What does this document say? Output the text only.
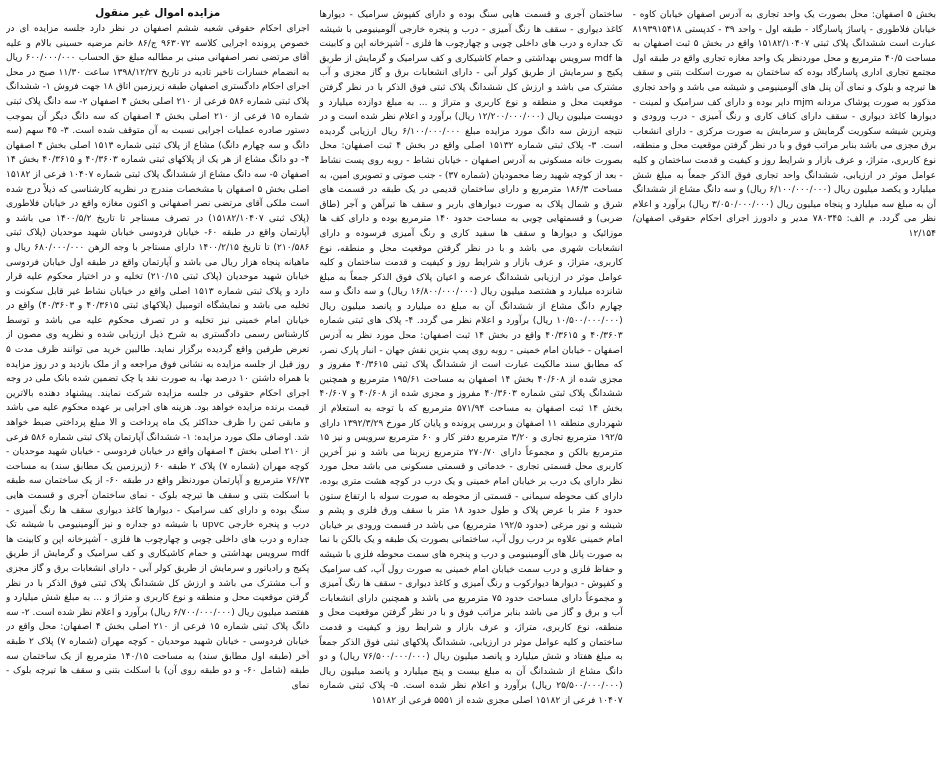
بخش ۵ اصفهان: محل بصورت یک واحد تجاری به آدرس اصفهان خیابان کاوه - خیابان فلاطوری - پاساژ پاسارگاد - طبقه اول - واحد ۳۹ - کدپستی ۸۱۹۳۹۱۵۴۱۸ عبارت است ششدانگ پلاک ثبتی ۱۵۱۸۲/۱۰۴۰۷ واقع در بخش ۵ ثبت اصفهان به مساحت ۴۰/۵ مترمربع و محل موردنظر یک واحد مغازه تجاری واقع در طبقه اول مجتمع تجاری اداری پاسارگاد بوده که ساختمان به صورت اسکلت بتنی و سقف ها تیرچه و بلوک و نمای آن پنل های آلومینیومی و شیشه می باشد و واحد تجاری مذکور به صورت پوشاک مردانه mjm دایر بوده و دارای کف سرامیک و لمینت - دیوارها کاغذ دیواری - سقف دارای کناف کاری و رنگ آمیزی - درب ورودی و ویترین شیشه سکوریت گرمایش و سرمایش به صورت مرکزی - دارای انشعاب برق مجزی می باشد بنابر مراتب فوق و با در نظر گرفتن موقعیت محل و منطقه، نوع کاربری، متراژ، و عرف بازار و شرایط روز و کیفیت و قدمت ساختمان و کلیه عوامل موثر در ارزیابی، ششدانگ واحد تجاری فوق الذکر جمعاً به مبلغ شش میلیارد و یکصد میلیون ریال (۶/۱۰۰/۰۰۰/۰۰۰ ریال) و سه دانگ مشاع از ششدانگ آن به مبلغ سه میلیارد و پنجاه میلیون ریال (۳/۰۵۰/۰۰۰/۰۰۰ ریال) برآورد و اعلام نظر می گردد. م الف: ۷۸۰۳۴۵ مدیر و دادورز اجرای احکام حقوقی اصفهان/۱۲/۱۵۴

ساختمان آجری و قسمت هایی سنگ بوده و دارای کفپوش سرامیک - دیوارها کاغذ دیواری - سقف ها رنگ آمیزی - درب و پنجره خارجی آلومینیومی با شیشه تک جداره و درب های داخلی چوبی و چهارچوب ها فلزی - آشپزخانه اپن و کابینت ها mdf سرویس بهداشتی و حمام کاشیکاری و کف سرامیک و گرمایش از طریق پکیج و سرمایش از طریق کولر آبی - دارای انشعابات برق و گاز مجزی و آب مشترک می باشد و ارزش کل ششدانگ پلاک ثبتی فوق الذکر با در نظر گرفتن موقعیت محل و منطقه و نوع کاربری و متراژ و ... به مبلغ دوازده میلیارد و دویست میلیون ریال (۱۲/۲۰۰/۰۰۰/۰۰۰ ریال) برآورد و اعلام نظر شده است و در نتیجه ارزش سه دانگ مورد مزایده مبلغ ۶/۱۰۰/۰۰۰/۰۰۰ ریال ارزیابی گردیده است. ۳- پلاک ثبتی شماره ۱۵۱۳۲ اصلی واقع در بخش ۴ ثبت اصفهان: محل بصورت خانه مسکونی به آدرس اصفهان - خیابان نشاط - روبه روی پست نشاط - بعد از کوچه شهید رضا محمودیان (شماره ۳۷) - جنب صوتی و تصویری امین، به مساحت ۱۸۶/۳ مترمربع و دارای ساختمان قدیمی در یک طبقه در قسمت های شرق و شمال پلاک به صورت دیوارهای باربر و سقف ها تیرآهن و آجر (طاق ضربی) و قسمتهایی چوبی به مساحت حدود ۱۴۰ مترمربع بوده و دارای کف ها موزائیک و دیوارها و سقف ها سفید کاری و رنگ آمیزی فرسوده و دارای انشعابات شهری می باشد و با در نظر گرفتن موقعیت محل و منطقه، نوع کاربری، متراژ، و عرف بازار و شرایط روز و کیفیت و قدمت ساختمان و کلیه عوامل موثر در ارزیابی ششدانگ عرصه و اعیان پلاک فوق الذکر جمعاً به مبلغ شانزده میلیارد و هشتصد میلیون ریال (۱۶/۸۰۰/۰۰۰/۰۰۰ ریال) و سه دانگ و سه چهارم دانگ مشاع از ششدانگ آن به مبلغ ده میلیارد و پانصد میلیون ریال (۱۰/۵۰۰/۰۰۰/۰۰۰ ریال) برآورد و اعلام نظر می گردد. ۴- پلاک های ثبتی شماره ۴۰/۳۶۰۳ و ۴۰/۳۶۱۵ واقع در بخش ۱۴ ثبت اصفهان: محل مورد نظر به آدرس اصفهان - خیابان امام خمینی - روبه روی پمپ بنزین نقش جهان - انبار پارک نصر، که مطابق سند مالکیت عبارت است از ششدانگ پلاک ثبتی ۴۰/۳۶۱۵ مفروز و مجزی شده از ۴۰/۶۰۸ بخش ۱۴ اصفهان به مساحت ۱۹۵/۶۱ مترمربع و همچنین ششدانگ پلاک ثبتی شماره ۴۰/۳۶۰۳ مفروز و مجزی شده از ۴۰/۶۰۸ و ۴۰/۶۰۷ بخش ۱۴ ثبت اصفهان به مساحت ۵۷۱/۹۴ مترمربع که با توجه به استعلام از شهرداری منطقه ۱۱ اصفهان و بررسی پرونده و پایان کار مورخ ۱۳۹۲/۳/۲۹ دارای ۱۹۲/۵ مترمربع تجاری و ۳/۲۰ مترمربع دفتر کار و ۶۰ مترمربع سرویس و نیز ۱۵ مترمربع بالکن و مجموعاً دارای ۲۷۰/۷۰ مترمربع زیربنا می باشد و نیز آخرین کاربری محل قسمتی تجاری - خدماتی و قسمتی مسکونی می باشد محل مورد نظر دارای یک درب بر خیابان امام خمینی و یک درب در کوچه هشت متری بوده، دارای کف محوطه سیمانی - قسمتی از محوطه به صورت سوله با ارتفاع ستون حدود ۶ متر با عرض پلاک و طول حدود ۱۸ متر با سقف ورق فلزی و پشم و شیشه و نور مرغی (حدود ۱۹۲/۵ مترمربع) می باشد در قسمت ورودی بر خیابان امام خمینی علاوه بر درب رول آپ، ساختمانی بصورت یک طبقه و یک بالکن با نما به صورت پانل های آلومینیومی و درب و پنجره های سمت محوطه فلزی با شیشه و حفاظ فلزی و درب سمت خیابان امام خمینی به صورت رول آپ، کف سرامیک و کفپوش - دیوارها دیوارکوب و رنگ آمیزی و کاغذ دیواری - سقف ها رنگ آمیزی و مجموعاً دارای مساحت حدود ۷۵ مترمربع می باشد و همچنین دارای انشعابات آب و برق و گاز می باشد بنابر مراتب فوق و با در نظر گرفتن موقعیت محل و منطقه، نوع کاربری، متراژ، و عرف بازار و شرایط روز و کیفیت و قدمت ساختمان و کلیه عوامل موثر در ارزیابی، ششدانگ پلاکهای ثبتی فوق الذکر جمعاً به مبلغ هفتاد و شش میلیارد و پانصد میلیون ریال (۷۶/۵۰۰/۰۰۰/۰۰۰ ریال) و دو دانگ مشاع از ششدانگ آن به مبلغ بیست و پنج میلیارد و پانصد میلیون ریال (۲۵/۵۰۰/۰۰۰/۰۰۰ ریال) برآورد و اعلام نظر شده است. ۵- پلاک ثبتی شماره ۱۰۴۰۷ فرعی از ۱۵۱۸۲ اصلی مجزی شده از ۵۵۵۱ فرعی از ۱۵۱۸۲

مزایده اموال غیر منقول

اجرای احکام حقوقی شعبه ششم اصفهان در نظر دارد جلسه مزایده ای در خصوص پرونده اجرایی کلاسه ۹۶۳۰۷۲ ج/۸۶ خانم مرضیه حسینی بالام و علیه آقای مرتضی نصر اصفهانی مبنی بر مطالبه مبلغ حق الحساب ۶۰۰/۰۰۰/۰۰۰ ریال به انضمام خسارات تاخیر تادیه در تاریخ ۱۳۹۸/۱۲/۲۷ ساعت ۱۱/۳۰ صبح در محل اجرای احکام دادگستری اصفهان طبقه زیرزمین اتاق ۱۸ جهت فروش ۱- ششدانگ پلاک ثبتی شماره ۵۸۶ فرعی از ۲۱۰ اصلی بخش ۴ اصفهان ۲- سه دانگ پلاک ثبتی شماره ۱۵ فرعی از ۲۱۰ اصلی بخش ۴ اصفهان که سه دانگ دیگر آن بموجب دستور صادره عملیات اجرایی نسبت به آن متوقف شده است. ۳- ۴۵ سهم (سه دانگ و سه چهارم دانگ) مشاع از پلاک ثبتی شماره ۱۵۱۳ اصلی بخش ۴ اصفهان ۴- دو دانگ مشاع از هر یک از پلاکهای ثبتی شماره ۴۰/۳۶۰۳ و ۴۰/۳۶۱۵ بخش ۱۴ اصفهان ۵- سه دانگ مشاع از ششدانگ پلاک ثبتی شماره ۱۰۴۰۷ فرعی از ۱۵۱۸۲ اصلی بخش ۵ اصفهان با مشخصات مندرج در نظریه کارشناسی که ذیلاً درج شده است ملکی آقای مرتضی نصر اصفهانی و اکنون مغازه واقع در خیابان فلاطوری (پلاک ثبتی ۱۵۱۸۲/۱۰۴۰۷) در تصرف مستاجر تا تاریخ ۱۴۰۰/۵/۲ می باشد و آپارتمان واقع در طبقه ۶۰- خیابان فردوسی خیابان شهید موحدیان (پلاک ثبتی ۲۱۰/۵۸۶) تا تاریخ ۱۴۰۰/۲/۱۵ دارای مستاجر با وجه الرهن ۶۸۰/۰۰۰/۰۰۰ ریال و ماهیانه پنجاه هزار ریال می باشد و آپارتمان واقع در طبقه اول خیابان فردوسی خیابان شهید موحدیان (پلاک ثبتی ۲۱۰/۱۵) تخلیه و در اختیار محکوم علیه قرار دارد و پلاک ثبتی شماره ۱۵۱۳ اصلی واقع در خیابان نشاط غیر قابل سکونت و تخلیه می باشد و نمایشگاه اتومبیل (پلاکهای ثبتی ۴۰/۳۶۱۵ و ۴۰/۳۶۰۳) واقع در خیابان امام خمینی نیز تخلیه و در تصرف محکوم علیه می باشد و توسط کارشناس رسمی دادگستری به شرح ذیل ارزیابی شده و نظریه وی مصون از تعرض طرفین واقع گردیده برگزار نماید. طالبین خرید می توانند ظرف مدت ۵ روز قبل از جلسه مزایده به نشانی فوق مراجعه و از ملک بازدید و در روز مزایده با همراه داشتن ۱۰ درصد بها، به صورت نقد یا چک تضمین شده بانک ملی در وجه اجرای احکام حقوقی در جلسه مزایده شرکت نمایند. پیشنهاد دهنده بالاترین قیمت برنده مزایده خواهد بود. هزینه های اجرایی بر عهده محکوم علیه می باشد و مابقی ثمن را ظرف حداکثر یک ماه پرداخت و الا مبلغ پرداختی ضبط خواهد شد. اوصاف ملک مورد مزایده: ۱- ششدانگ آپارتمان پلاک ثبتی شماره ۵۸۶ فرعی از ۲۱۰ اصلی بخش ۴ اصفهان واقع در خیابان فردوسی - خیابان شهید موحدیان - کوچه مهران (شماره ۷) پلاک ۲ طبقه ۶۰ (زیرزمین یک مطابق سند) به مساحت ۷۶/۷۳ مترمربع و آپارتمان موردنظر واقع در طبقه ۶۰- از یک ساختمان سه طبقه با اسکلت بتنی و سقف ها تیرچه بلوک - نمای ساختمان آجری و قسمت هایی سنگ بوده و دارای کف سرامیک - دیوارها کاغذ دیواری سقف ها رنگ آمیزی - درب و پنجره خارجی upvc با شیشه دو جداره و نیز آلومینیومی با شیشه تک جداره و درب های داخلی چوبی و چهارچوب ها فلزی - آشپزخانه اپن و کابینت ها mdf سرویس بهداشتی و حمام کاشیکاری و کف سرامیک و گرمایش از طریق پکیج و رادیاتور و سرمایش از طریق کولر آبی - دارای انشعابات برق و گاز مجزی و آب مشترک می باشد و ارزش کل ششدانگ پلاک ثبتی فوق الذکر با در نظر گرفتن موقعیت محل و منطقه و نوع کاربری و متراژ و ... به مبلغ شش میلیارد و هفتصد میلیون ریال (۶/۷۰۰/۰۰۰/۰۰۰ ریال) برآورد و اعلام نظر شده است. ۲- سه دانگ پلاک ثبتی شماره ۱۵ فرعی از ۲۱۰ اصلی بخش ۴ اصفهان: محل واقع در خیابان فردوسی - خیابان شهید موحدیان - کوچه مهران (شماره ۷) پلاک ۲ طبقه آخر (طبقه اول مطابق سند) به مساحت ۱۴۰/۱۵ مترمربع از یک ساختمان سه طبقه (شامل ۶۰- و دو طبقه روی آن) با اسکلت بتنی و سقف ها تیرچه بلوک - نمای
